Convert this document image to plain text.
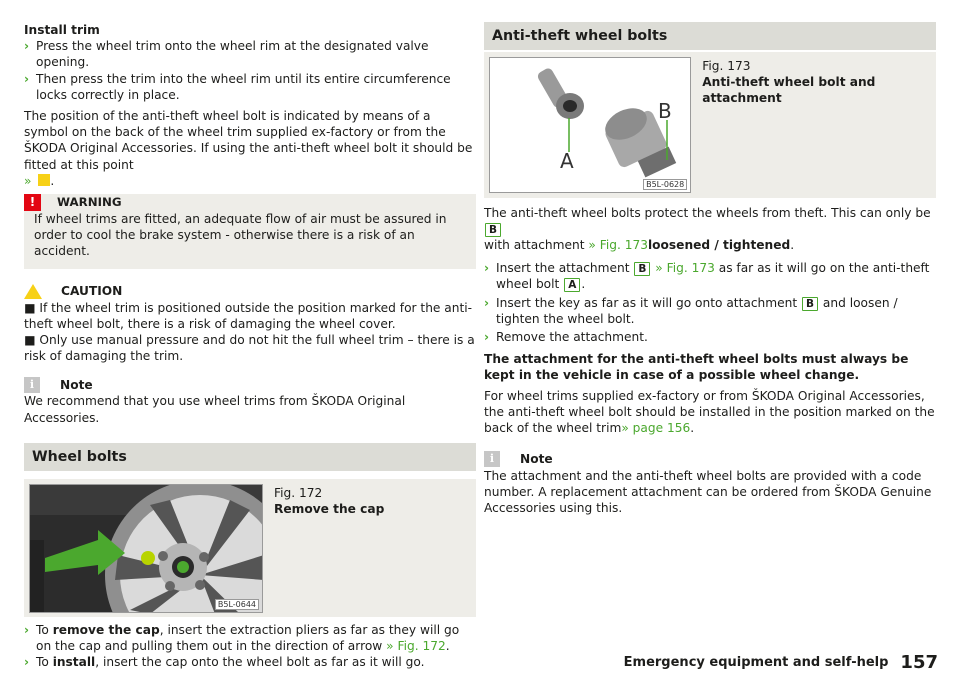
Install trim
› Press the wheel trim onto the wheel rim at the designated valve opening.
› Then press the trim into the wheel rim until its entire circumference locks correctly in place.
The position of the anti-theft wheel bolt is indicated by means of a symbol on the back of the wheel trim supplied ex-factory or from the ŠKODA Original Accessories. If using the anti-theft wheel bolt it should be fitted at this point
» .
!	WARNING
If wheel trims are fitted, an adequate flow of air must be assured in order to cool the brake system - otherwise there is a risk of an accident.
CAUTION
■ If the wheel trim is positioned outside the position marked for the anti-theft wheel bolt, there is a risk of damaging the wheel cover.
■ Only use manual pressure and do not hit the full wheel trim – there is a risk of damaging the trim.
i	Note
We recommend that you use wheel trims from ŠKODA Original Accessories.
Wheel bolts
B5L-0644
Fig. 172
Remove the cap
› To remove the cap, insert the extraction pliers as far as they will go on the cap and pulling them out in the direction of arrow » Fig. 172.
› To install, insert the cap onto the wheel bolt as far as it will go.
Anti-theft wheel bolts
A
B
B5L-0628
Fig. 173
Anti-theft wheel bolt and attachment
The anti-theft wheel bolts protect the wheels from theft. This can only be B
with attachment » Fig. 173loosened / tightened.
› Insert the attachment B » Fig. 173 as far as it will go on the anti-theft wheel bolt A .
› Insert the key as far as it will go onto attachment B and loosen / tighten the wheel bolt.
› Remove the attachment.
The attachment for the anti-theft wheel bolts must always be kept in the vehicle in case of a possible wheel change.
For wheel trims supplied ex-factory or from ŠKODA Original Accessories, the anti-theft wheel bolt should be installed in the position marked on the back of the wheel trim» page 156.
i	Note
The attachment and the anti-theft wheel bolts are provided with a code number. A replacement attachment can be ordered from ŠKODA Genuine Accessories using this.
Emergency equipment and self-help 157
